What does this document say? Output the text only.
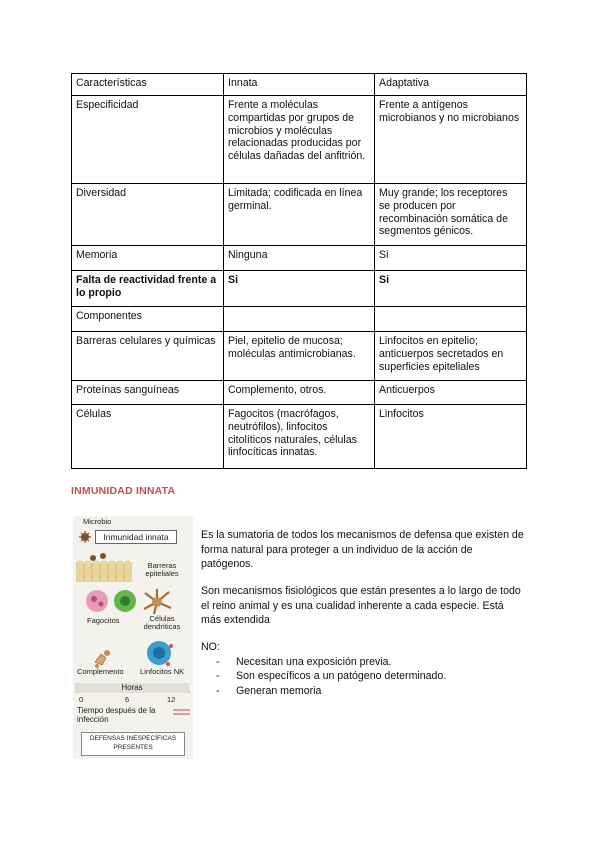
Características	Innata	Adaptativa
Especificidad	Frente a moléculas compartidas por grupos de microbios y moléculas relacionadas producidas por células dañadas del anfitrión.	Frente a antígenos microbianos y no microbianos
Diversidad	Limitada; codificada en línea germinal.	Muy grande; los receptores se producen por recombinación somática de segmentos génicos.
Memoria	Ninguna	Si
Falta de reactividad frente a lo propio	Si	Si
Componentes		
Barreras celulares y químicas	Piel, epitelio de mucosa; moléculas antimicrobianas.	Linfocitos en epitelio; anticuerpos secretados en superficies epiteliales
Proteínas sanguíneas	Complemento, otros.	Anticuerpos
Células	Fagocitos (macrófagos, neutrófilos), linfocitos citolíticos naturales, células linfocíticas innatas.	Linfocitos
INMUNIDAD INNATA
Microbio
Inmunidad innata
Barreras epiteliales
Fagocitos	Células dendríticas
Complemento Linfocitos NK
Horas
0	6	12
Tiempo después de la infección
DEFENSAS INESPECÍFICAS PRESENTES

Es la sumatoria de todos los mecanismos de defensa que existen de forma natural para proteger a un individuo de la acción de patógenos.

Son mecanismos fisiológicos que están presentes a lo largo de todo el reino animal y es una cualidad inherente a cada especie. Está más extendida

NO:

- Necesitan una exposición previa.
- Son específicos a un patógeno determinado.
- Generan memoria
